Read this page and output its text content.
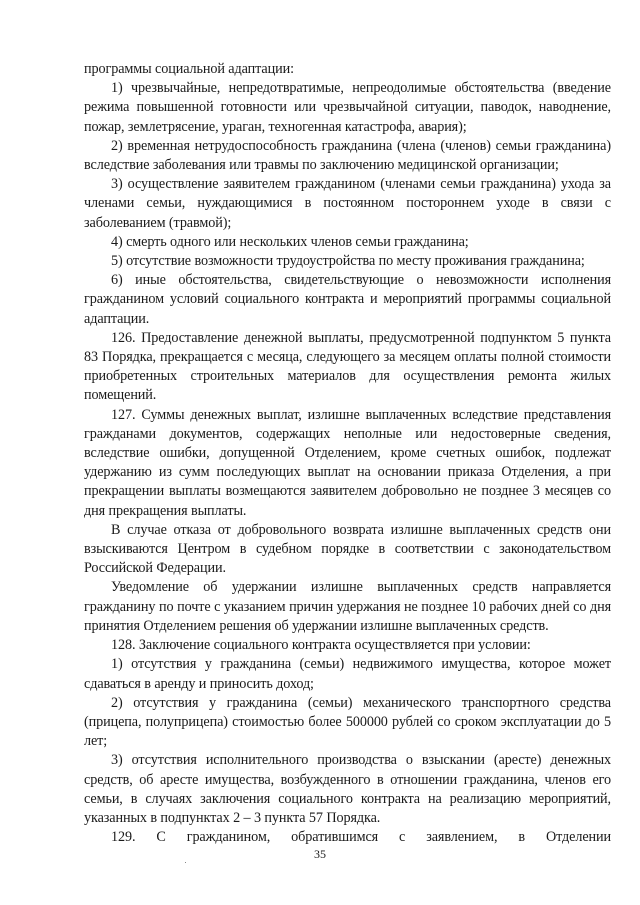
программы социальной адаптации:

1) чрезвычайные, непредотвратимые, непреодолимые обстоятельства (введение режима повышенной готовности или чрезвычайной ситуации, паводок, наводнение, пожар, землетрясение, ураган, техногенная катастрофа, авария);

2) временная нетрудоспособность гражданина (члена (членов) семьи гражданина) вследствие заболевания или травмы по заключению медицинской организации;

3) осуществление заявителем гражданином (членами семьи гражданина) ухода за членами семьи, нуждающимися в постоянном постороннем уходе в связи с заболеванием (травмой);

4) смерть одного или нескольких членов семьи гражданина;

5) отсутствие возможности трудоустройства по месту проживания гражданина;

6) иные обстоятельства, свидетельствующие о невозможности исполнения гражданином условий социального контракта и мероприятий программы социальной адаптации.

126. Предоставление денежной выплаты, предусмотренной подпунктом 5 пункта 83 Порядка, прекращается с месяца, следующего за месяцем оплаты полной стоимости приобретенных строительных материалов для осуществления ремонта жилых помещений.

127. Суммы денежных выплат, излишне выплаченных вследствие представления гражданами документов, содержащих неполные или недостоверные сведения, вследствие ошибки, допущенной Отделением, кроме счетных ошибок, подлежат удержанию из сумм последующих выплат на основании приказа Отделения, а при прекращении выплаты возмещаются заявителем добровольно не позднее 3 месяцев со дня прекращения выплаты.

В случае отказа от добровольного возврата излишне выплаченных средств они взыскиваются Центром в судебном порядке в соответствии с законодательством Российской Федерации.

Уведомление об удержании излишне выплаченных средств направляется гражданину по почте с указанием причин удержания не позднее 10 рабочих дней со дня принятия Отделением решения об удержании излишне выплаченных средств.

128. Заключение социального контракта осуществляется при условии:

1) отсутствия у гражданина (семьи) недвижимого имущества, которое может сдаваться в аренду и приносить доход;

2) отсутствия у гражданина (семьи) механического транспортного средства (прицепа, полуприцепа) стоимостью более 500000 рублей со сроком эксплуатации до 5 лет;

3) отсутствия исполнительного производства о взыскании (аресте) денежных средств, об аресте имущества, возбужденного в отношении гражданина, членов его семьи, в случаях заключения социального контракта на реализацию мероприятий, указанных в подпунктах 2 – 3 пункта 57 Порядка.

129. С гражданином, обратившимся с заявлением, в Отделении

35
